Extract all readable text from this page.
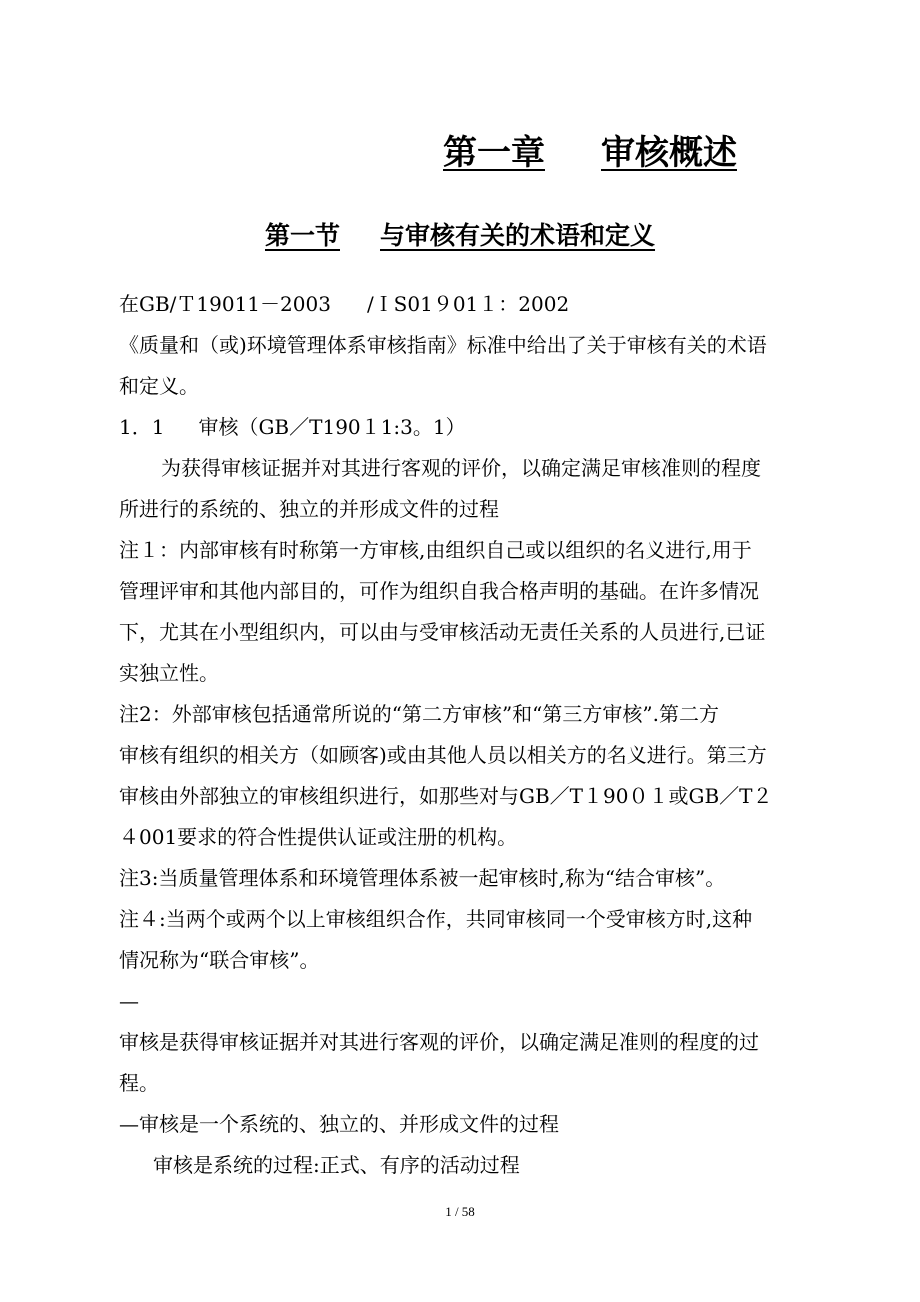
第一章 审核概述
第一节 与审核有关的术语和定义

在GB/Ｔ19011－2003 /ＩS01９01１：2002

《质量和（或)环境管理体系审核指南》标准中给出了关于审核有关的术语

和定义。

1．1 审核（GB／T190１1:3。1）

为获得审核证据并对其进行客观的评价，以确定满足审核准则的程度

所进行的系统的、独立的并形成文件的过程

注１：内部审核有时称第一方审核,由组织自己或以组织的名义进行,用于

管理评审和其他内部目的，可作为组织自我合格声明的基础。在许多情况

下，尤其在小型组织内，可以由与受审核活动无责任关系的人员进行,已证

实独立性。

注2：外部审核包括通常所说的“第二方审核”和“第三方审核”.第二方

审核有组织的相关方（如顾客)或由其他人员以相关方的名义进行。第三方

审核由外部独立的审核组织进行，如那些对与GB／T１90０１或GB／T２

４001要求的符合性提供认证或注册的机构。

注3:当质量管理体系和环境管理体系被一起审核时,称为“结合审核”。

注４:当两个或两个以上审核组织合作，共同审核同一个受审核方时,这种

情况称为“联合审核”。

—

审核是获得审核证据并对其进行客观的评价，以确定满足准则的程度的过

程。

—审核是一个系统的、独立的、并形成文件的过程

审核是系统的过程:正式、有序的活动过程

1 / 58
